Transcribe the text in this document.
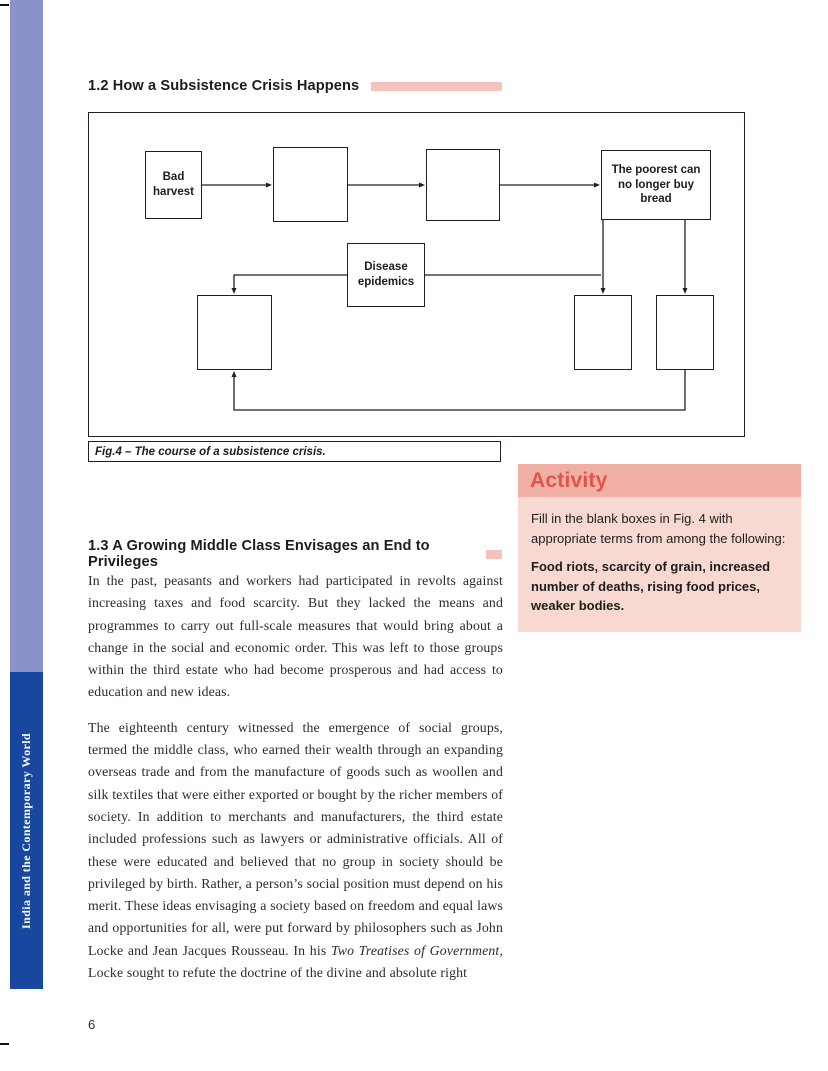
India and the Contemporary World
1.2 How a Subsistence Crisis Happens
Bad harvest
The poorest can no longer buy bread
Disease epidemics
Fig.4 – The course of a subsistence crisis.
Activity

Fill in the blank boxes in Fig. 4 with appropriate terms from among the following:

Food riots, scarcity of grain, increased number of deaths, rising food prices, weaker bodies.

1.3 A Growing Middle Class Envisages an End to Privileges

In the past, peasants and workers had participated in revolts against increasing taxes and food scarcity. But they lacked the means and programmes to carry out full-scale measures that would bring about a change in the social and economic order. This was left to those groups within the third estate who had become prosperous and had access to education and new ideas.

The eighteenth century witnessed the emergence of social groups, termed the middle class, who earned their wealth through an expanding overseas trade and from the manufacture of goods such as woollen and silk textiles that were either exported or bought by the richer members of society. In addition to merchants and manufacturers, the third estate included professions such as lawyers or administrative officials. All of these were educated and believed that no group in society should be privileged by birth. Rather, a person’s social position must depend on his merit. These ideas envisaging a society based on freedom and equal laws and opportunities for all, were put forward by philosophers such as John Locke and Jean Jacques Rousseau. In his Two Treatises of Government, Locke sought to refute the doctrine of the divine and absolute right

6
